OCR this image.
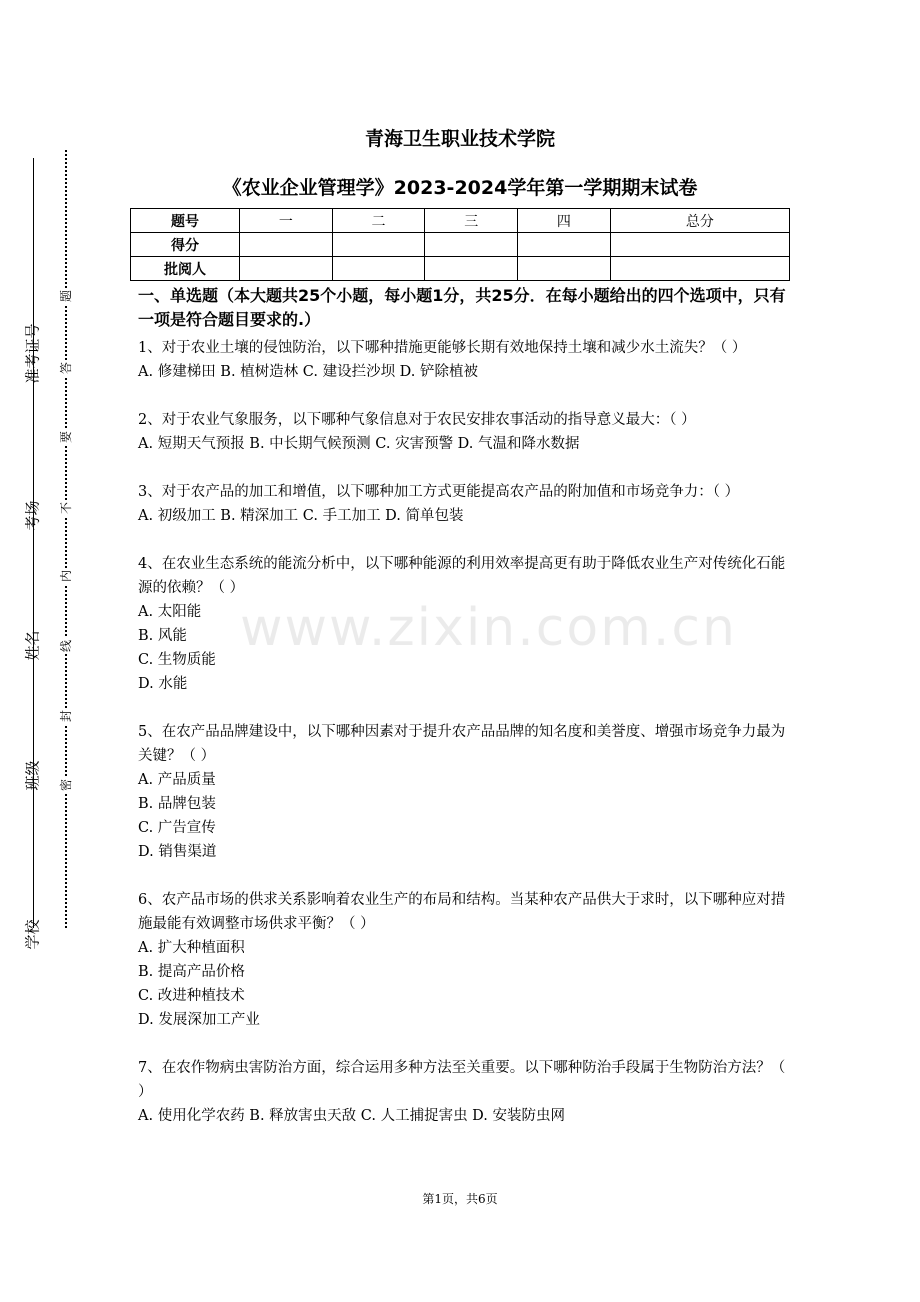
准考证号
考场
姓名
班级
学校
题
答
要
不
内
线
封
密
青海卫生职业技术学院
《农业企业管理学》2023-2024学年第一学期期末试卷
题号	一	二	三	四	总分
得分					
批阅人					
一、单选题（本大题共25个小题，每小题1分，共25分．在每小题给出的四个选项中，只有一项是符合题目要求的.）

1、对于农业土壤的侵蚀防治，以下哪种措施更能够长期有效地保持土壤和减少水土流失？（ ）

A. 修建梯田 B. 植树造林 C. 建设拦沙坝 D. 铲除植被

2、对于农业气象服务，以下哪种气象信息对于农民安排农事活动的指导意义最大：（ ）

A. 短期天气预报 B. 中长期气候预测 C. 灾害预警 D. 气温和降水数据

3、对于农产品的加工和增值，以下哪种加工方式更能提高农产品的附加值和市场竞争力：（ ）

A. 初级加工 B. 精深加工 C. 手工加工 D. 简单包装

4、在农业生态系统的能流分析中，以下哪种能源的利用效率提高更有助于降低农业生产对传统化石能源的依赖？（ ）

A. 太阳能

B. 风能

C. 生物质能

D. 水能

5、在农产品品牌建设中，以下哪种因素对于提升农产品品牌的知名度和美誉度、增强市场竞争力最为关键？（ ）

A. 产品质量

B. 品牌包装

C. 广告宣传

D. 销售渠道

6、农产品市场的供求关系影响着农业生产的布局和结构。当某种农产品供大于求时，以下哪种应对措施最能有效调整市场供求平衡？（ ）

A. 扩大种植面积

B. 提高产品价格

C. 改进种植技术

D. 发展深加工产业

7、在农作物病虫害防治方面，综合运用多种方法至关重要。以下哪种防治手段属于生物防治方法？（ ）

A. 使用化学农药 B. 释放害虫天敌 C. 人工捕捉害虫 D. 安装防虫网

www.zixin.com.cn
第1页，共6页
